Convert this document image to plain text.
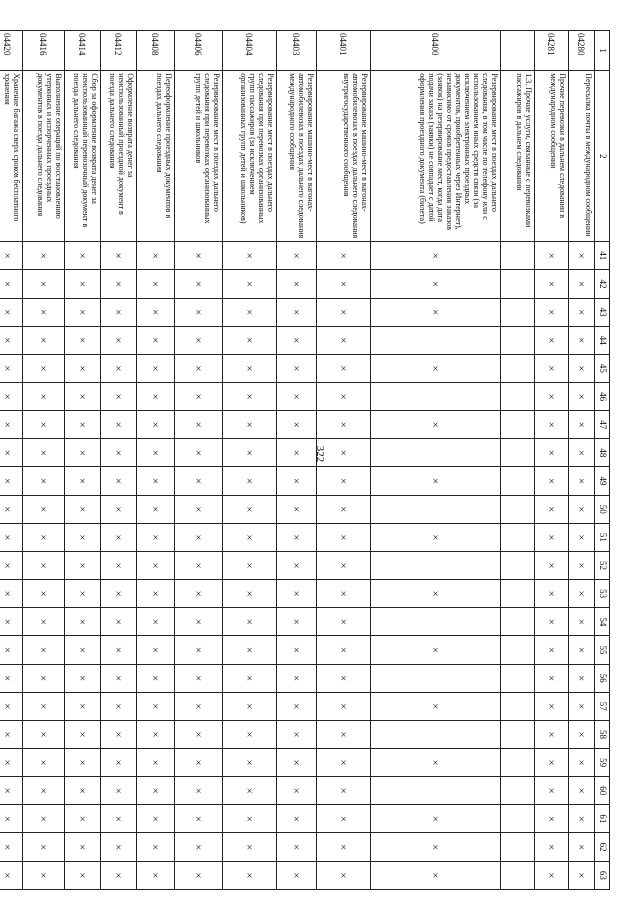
322
1	2	41	42	43	44	45	46	47	48	49	50	51	52	53	54	55	56	57	58	59	60	61	62	63
04280	Пересылка почты в международном сообщении	×	×	×	×	×	×	×	×	×	×	×	×	×	×	×	×	×	×	×	×	×	×	×
04281	Прочие перевозки в дальнем следовании в международном сообщении	×	×	×	×	×	×	×	×	×	×	×	×	×	×	×	×	×	×	×	×	×	×	×
	1.3. Прочие услуги, связанные с перевозками пассажиров в дальнем следовании																							
04400	Резервирование мест в поездах дальнего следования, в том числе по телефону или с использованием иных средств связи (за исключением электронных проездных документов, приобретенных через Интернет), независимо от сроков предоставления заказов (заявок) на резервирование мест, когда дата подачи заказа (заявки) не совпадает с датой оформления проездного документа (билета)	×	×	×		×		×		×		×		×		×		×		×		×	×	×
04401	Резервирование машино-мест в вагонах-автомобилевозах в поездах дальнего следования внутригосударственного сообщения	×	×	×	×	×	×	×	×	×	×	×	×	×	×	×	×	×	×	×	×	×	×	×
04403	Резервирование машино-мест в вагонах-автомобилевозах в поездах дальнего следования международного сообщения	×	×	×	×	×	×	×	×	×	×	×	×	×	×	×	×	×	×	×	×	×	×	×
04404	Резервирование мест в поездах дальнего следования при перевозках организованных групп пассажиров (за исключением организованных групп детей и школьников)	×	×	×	×	×	×	×	×	×	×	×	×	×	×	×	×	×	×	×	×	×	×	×
04406	Резервирование мест в поездах дальнего следования при перевозках организованных групп детей и школьников	×	×	×	×	×	×	×	×	×	×	×	×	×	×	×	×	×	×	×	×	×	×	×
04408	Переоформление проездных документов в поездах дальнего следования	×	×	×	×	×	×	×	×	×	×	×	×	×	×	×	×	×	×	×	×	×	×	×
04412	Оформление возврата денег за неиспользованный проездной документ в поезда дальнего следования	×	×	×	×	×	×	×	×	×	×	×	×	×	×	×	×	×	×	×	×	×	×	×
04414	Сбор за оформление возврата денег за неиспользованный перевозочный документ в поезда дальнего следования	×	×	×	×	×	×	×	×	×	×	×	×	×	×	×	×	×	×	×	×	×	×	×
04416	Выполнение операций по восстановлению утерянных и испорченных проездных документов в поезда дальнего следования	×	×	×	×	×	×	×	×	×	×	×	×	×	×	×	×	×	×	×	×	×	×	×
04420	Хранение багажа сверх сроков бесплатного хранения	×	×	×	×	×	×	×	×	×	×	×	×	×	×	×	×	×	×	×	×	×	×	×
